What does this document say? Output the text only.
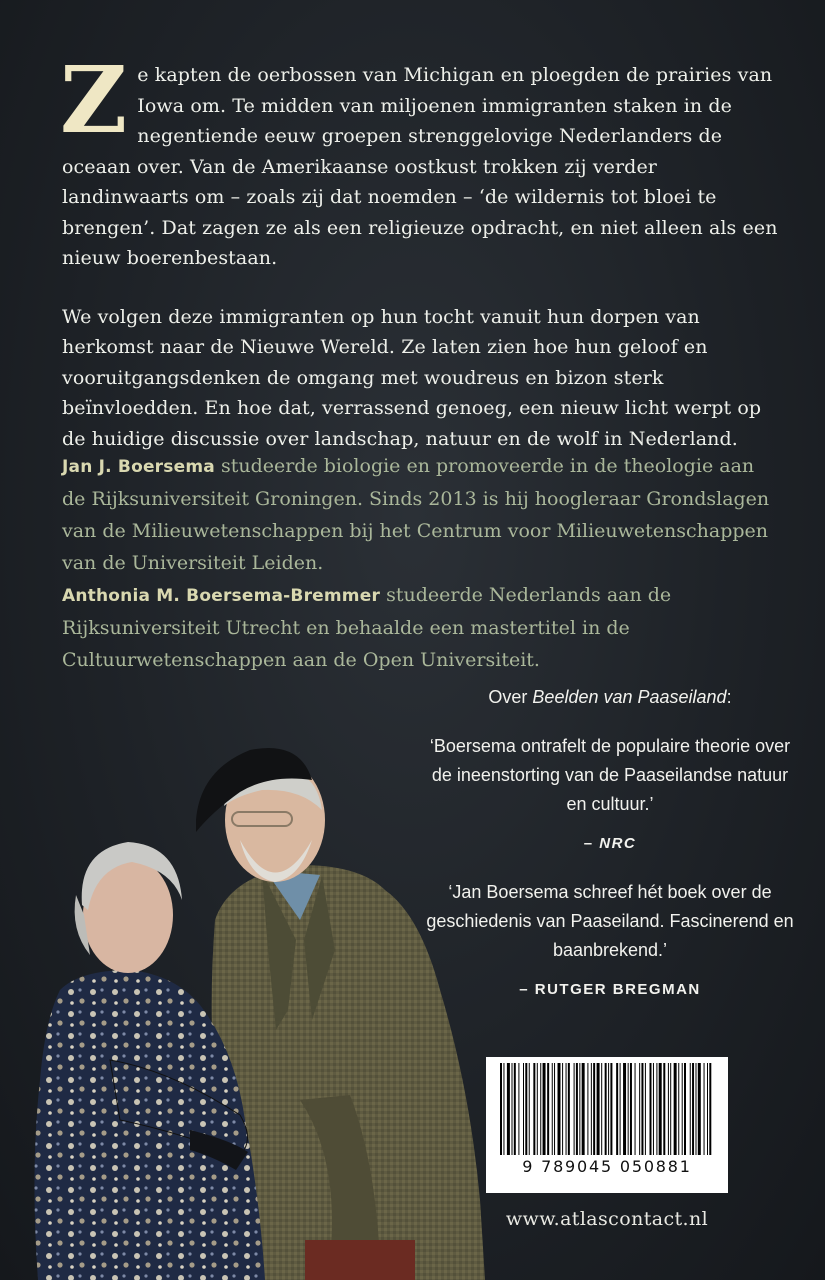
Ze kapten de oerbossen van Michigan en ploegden de prairies van Iowa om. Te midden van miljoenen immigranten staken in de negentiende eeuw groepen strenggelovige Nederlanders de oceaan over. Van de Amerikaanse oostkust trokken zij verder landinwaarts om – zoals zij dat noemden – ‘de wildernis tot bloei te brengen’. Dat zagen ze als een religieuze opdracht, en niet alleen als een nieuw boerenbestaan.

We volgen deze immigranten op hun tocht vanuit hun dorpen van herkomst naar de Nieuwe Wereld. Ze laten zien hoe hun geloof en vooruitgangsdenken de omgang met woudreus en bizon sterk beïnvloedden. En hoe dat, verrassend genoeg, een nieuw licht werpt op de huidige discussie over landschap, natuur en de wolf in Nederland.

Jan J. Boersema studeerde biologie en promoveerde in de theologie aan de Rijksuniversiteit Groningen. Sinds 2013 is hij hoogleraar Grondslagen van de Milieuwetenschappen bij het Centrum voor Milieuwetenschappen van de Universiteit Leiden.

Anthonia M. Boersema-Bremmer studeerde Nederlands aan de Rijksuniversiteit Utrecht en behaalde een mastertitel in de Cultuurwetenschappen aan de Open Universiteit.

Over Beelden van Paaseiland:

‘Boersema ontrafelt de populaire theorie over de ineenstorting van de Paaseilandse natuur en cultuur.’

– NRC

‘Jan Boersema schreef hét boek over de geschiedenis van Paaseiland. Fascinerend en baanbrekend.’

– RUTGER BREGMAN
9 789045 050881
www.atlascontact.nl
